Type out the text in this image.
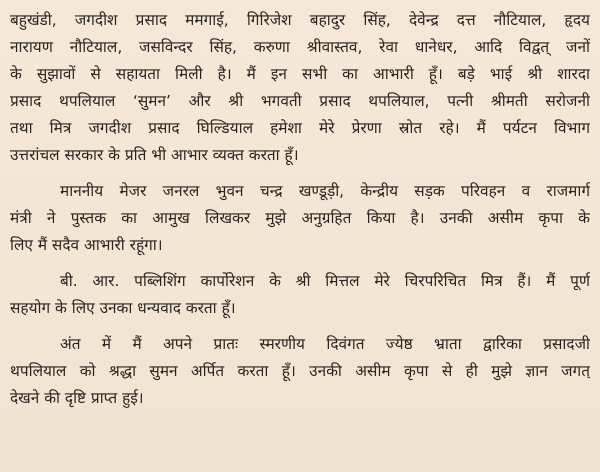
बहुखंडी, जगदीश प्रसाद ममगाई, गिरिजेश बहादुर सिंह, देवेन्द्र दत्त नौटियाल, हृदय
नारायण नौटियाल, जसविन्दर सिंह, करुणा श्रीवास्तव, रेवा धानेधर, आदि विद्वत् जनों
के सुझावों से सहायता मिली है। मैं इन सभी का आभारी हूँ। बड़े भाई श्री शारदा
प्रसाद थपलियाल ‘सुमन’ और श्री भगवती प्रसाद थपलियाल, पत्नी श्रीमती सरोजनी
तथा मित्र जगदीश प्रसाद घिल्डियाल हमेशा मेरे प्रेरणा स्रोत रहे। मैं पर्यटन विभाग
उत्तरांचल सरकार के प्रति भी आभार व्यक्त करता हूँ।
माननीय मेजर जनरल भुवन चन्द्र खण्डूड़ी, केन्द्रीय सड़क परिवहन व राजमार्ग
मंत्री ने पुस्तक का आमुख लिखकर मुझे अनुग्रहित किया है। उनकी असीम कृपा के
लिए मैं सदैव आभारी रहूंगा।
बी. आर. पब्लिशिंग कार्पोरेशन के श्री मित्तल मेरे चिरपरिचित मित्र हैं। मैं पूर्ण
सहयोग के लिए उनका धन्यवाद करता हूँ।
अंत में मैं अपने प्रातः स्मरणीय दिवंगत ज्येष्ठ भ्राता द्वारिका प्रसादजी
थपलियाल को श्रद्धा सुमन अर्पित करता हूँ। उनकी असीम कृपा से ही मुझे ज्ञान जगत्
देखने की दृष्टि प्राप्त हुई।
